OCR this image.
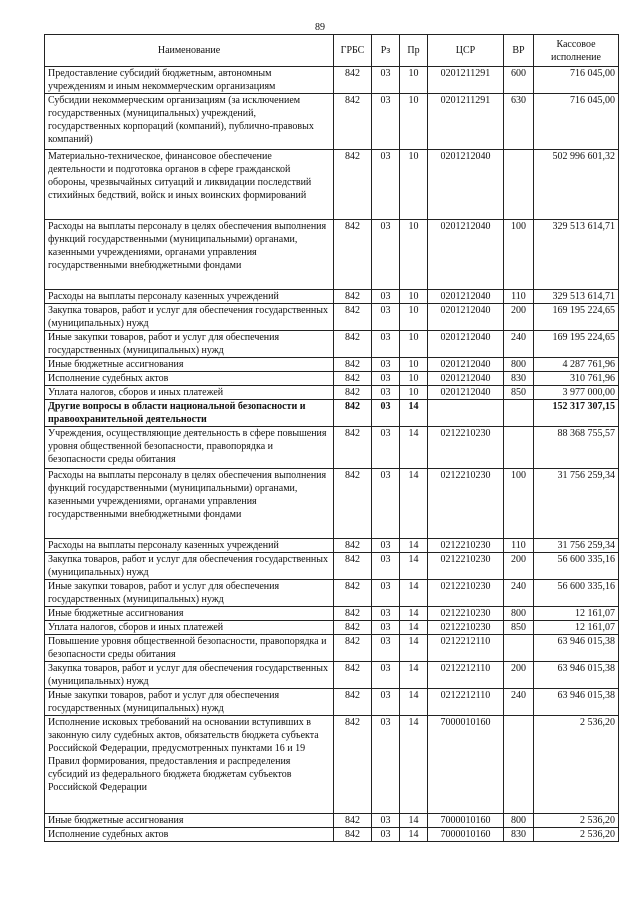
89
Наименование	ГРБС	Рз	Пр	ЦСР	ВР	Кассовое исполнение
Предоставление субсидий бюджетным, автономным учреждениям и иным некоммерческим организациям	842	03	10	0201211291	600	716 045,00
Субсидии некоммерческим организациям (за исключением государственных (муниципальных) учреждений, государственных корпораций (компаний), публично-правовых компаний)	842	03	10	0201211291	630	716 045,00
Материально-техническое, финансовое обеспечение деятельности и подготовка органов в сфере гражданской обороны, чрезвычайных ситуаций и ликвидации последствий стихийных бедствий, войск и иных воинских формирований	842	03	10	0201212040		502 996 601,32
Расходы на выплаты персоналу в целях обеспечения выполнения функций государственными (муниципальными) органами, казенными учреждениями, органами управления государственными внебюджетными фондами	842	03	10	0201212040	100	329 513 614,71
Расходы на выплаты персоналу казенных учреждений	842	03	10	0201212040	110	329 513 614,71
Закупка товаров, работ и услуг для обеспечения государственных (муниципальных) нужд	842	03	10	0201212040	200	169 195 224,65
Иные закупки товаров, работ и услуг для обеспечения государственных (муниципальных) нужд	842	03	10	0201212040	240	169 195 224,65
Иные бюджетные ассигнования	842	03	10	0201212040	800	4 287 761,96
Исполнение судебных актов	842	03	10	0201212040	830	310 761,96
Уплата налогов, сборов и иных платежей	842	03	10	0201212040	850	3 977 000,00
Другие вопросы в области национальной безопасности и правоохранительной деятельности	842	03	14			152 317 307,15
Учреждения, осуществляющие деятельность в сфере повышения уровня общественной безопасности, правопорядка и безопасности среды обитания	842	03	14	0212210230		88 368 755,57
Расходы на выплаты персоналу в целях обеспечения выполнения функций государственными (муниципальными) органами, казенными учреждениями, органами управления государственными внебюджетными фондами	842	03	14	0212210230	100	31 756 259,34
Расходы на выплаты персоналу казенных учреждений	842	03	14	0212210230	110	31 756 259,34
Закупка товаров, работ и услуг для обеспечения государственных (муниципальных) нужд	842	03	14	0212210230	200	56 600 335,16
Иные закупки товаров, работ и услуг для обеспечения государственных (муниципальных) нужд	842	03	14	0212210230	240	56 600 335,16
Иные бюджетные ассигнования	842	03	14	0212210230	800	12 161,07
Уплата налогов, сборов и иных платежей	842	03	14	0212210230	850	12 161,07
Повышение уровня общественной безопасности, правопорядка и безопасности среды обитания	842	03	14	0212212110		63 946 015,38
Закупка товаров, работ и услуг для обеспечения государственных (муниципальных) нужд	842	03	14	0212212110	200	63 946 015,38
Иные закупки товаров, работ и услуг для обеспечения государственных (муниципальных) нужд	842	03	14	0212212110	240	63 946 015,38
Исполнение исковых требований на основании вступивших в законную силу судебных актов, обязательств бюджета субъекта Российской Федерации, предусмотренных пунктами 16 и 19 Правил формирования, предоставления и распределения субсидий из федерального бюджета бюджетам субъектов Российской Федерации	842	03	14	7000010160		2 536,20
Иные бюджетные ассигнования	842	03	14	7000010160	800	2 536,20
Исполнение судебных актов	842	03	14	7000010160	830	2 536,20
